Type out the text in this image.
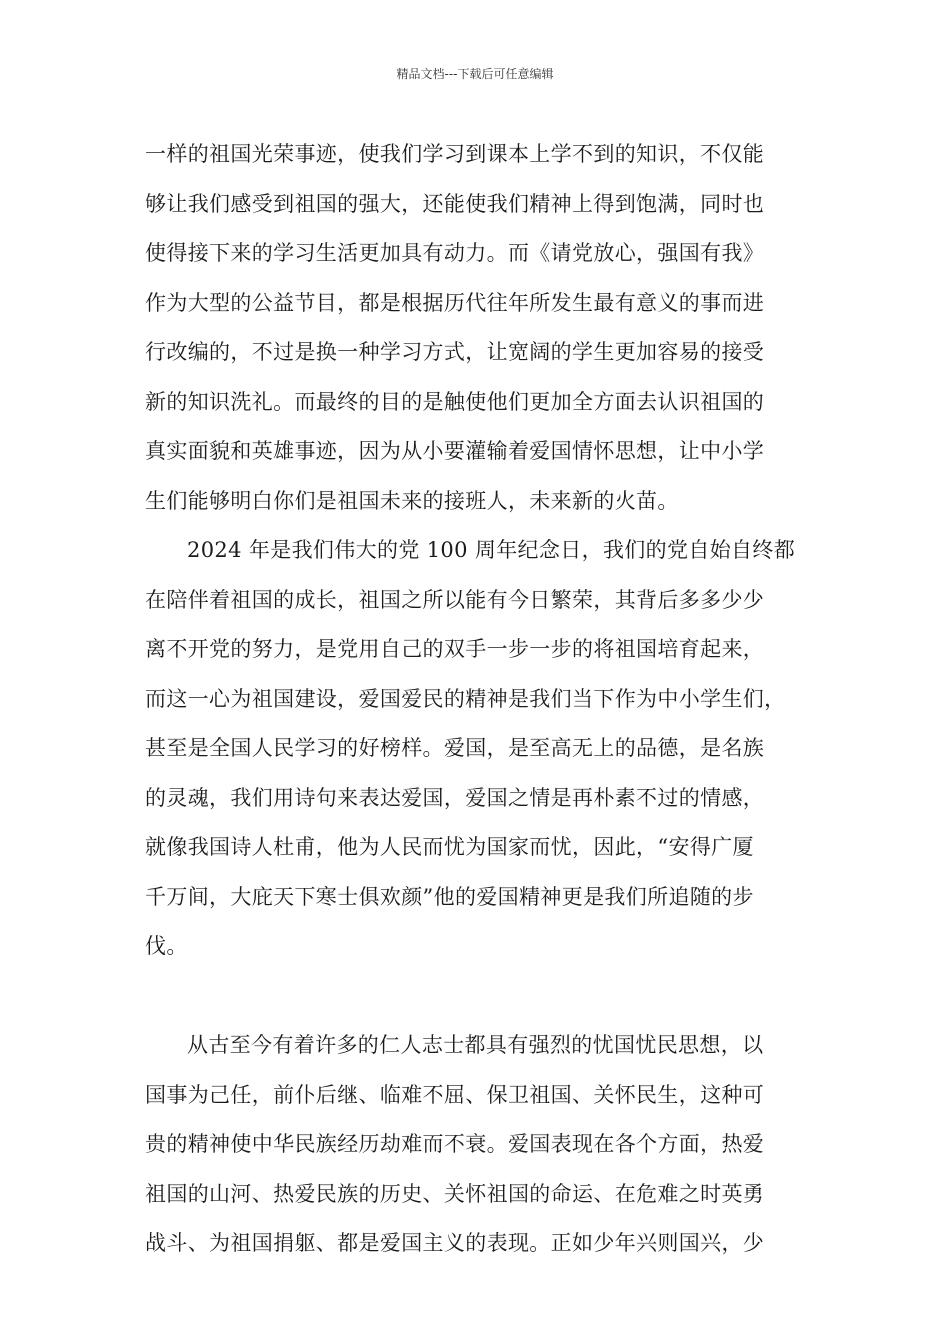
精品文档---下载后可任意编辑
一样的祖国光荣事迹，使我们学习到课本上学不到的知识，不仅能
够让我们感受到祖国的强大，还能使我们精神上得到饱满，同时也
使得接下来的学习生活更加具有动力。而《请党放心，强国有我》
作为大型的公益节目，都是根据历代往年所发生最有意义的事而进
行改编的，不过是换一种学习方式，让宽阔的学生更加容易的接受
新的知识洗礼。而最终的目的是触使他们更加全方面去认识祖国的
真实面貌和英雄事迹，因为从小要灌输着爱国情怀思想，让中小学
生们能够明白你们是祖国未来的接班人，未来新的火苗。
2024 年是我们伟大的党 100 周年纪念日，我们的党自始自终都
在陪伴着祖国的成长，祖国之所以能有今日繁荣，其背后多多少少
离不开党的努力，是党用自己的双手一步一步的将祖国培育起来，
而这一心为祖国建设，爱国爱民的精神是我们当下作为中小学生们，
甚至是全国人民学习的好榜样。爱国，是至高无上的品德，是名族
的灵魂，我们用诗句来表达爱国，爱国之情是再朴素不过的情感，
就像我国诗人杜甫，他为人民而忧为国家而忧，因此，“安得广厦
千万间，大庇天下寒士俱欢颜”他的爱国精神更是我们所追随的步
伐。
从古至今有着许多的仁人志士都具有强烈的忧国忧民思想，以
国事为己任，前仆后继、临难不屈、保卫祖国、关怀民生，这种可
贵的精神使中华民族经历劫难而不衰。爱国表现在各个方面，热爱
祖国的山河、热爱民族的历史、关怀祖国的命运、在危难之时英勇
战斗、为祖国捐躯、都是爱国主义的表现。正如少年兴则国兴，少
